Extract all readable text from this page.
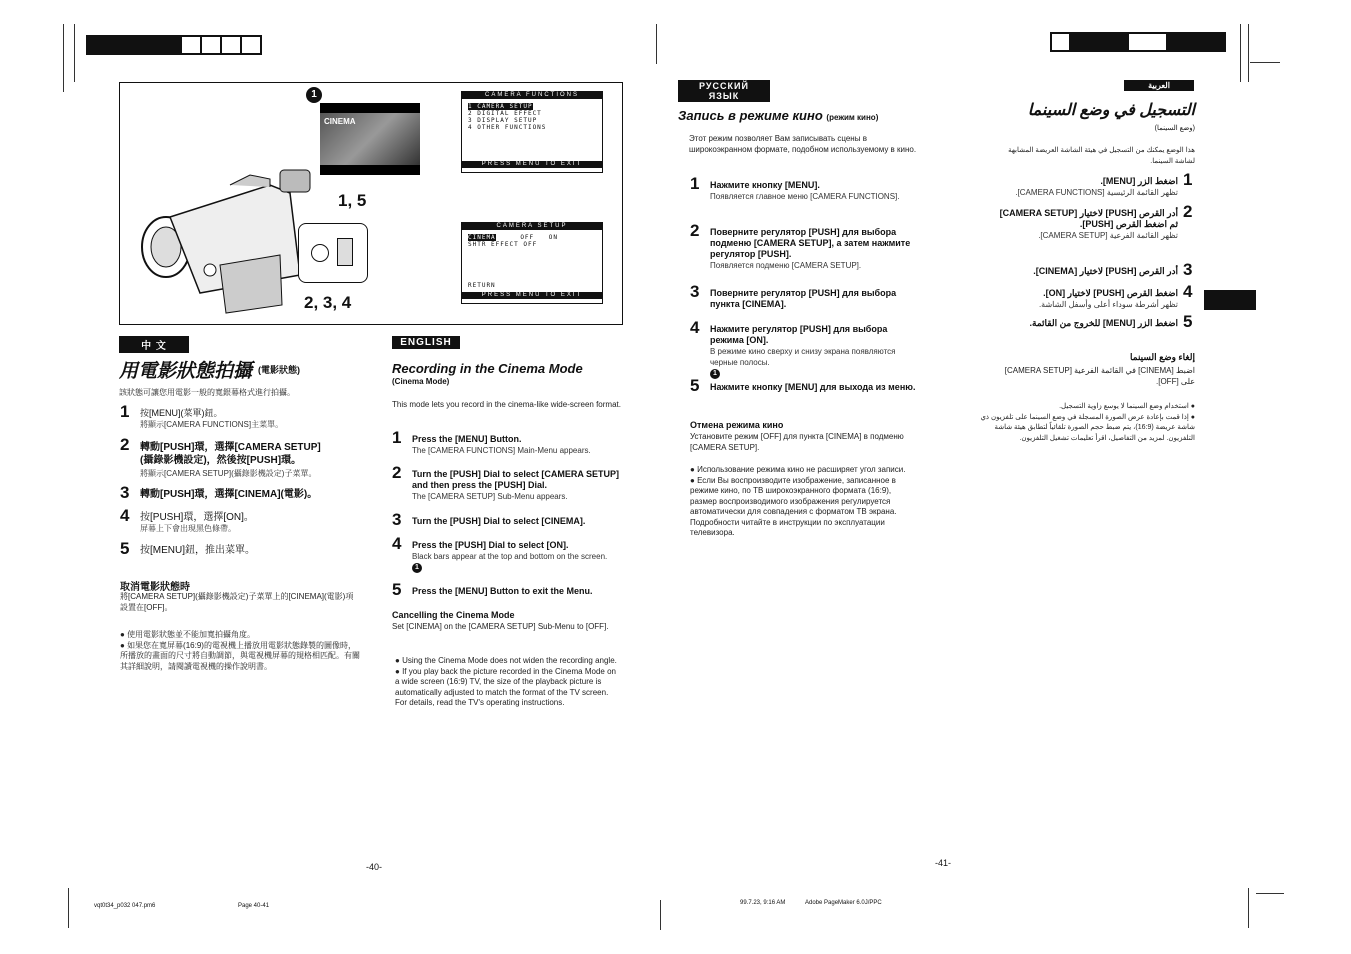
1
CINEMA
1, 5
2, 3, 4
CAMERA FUNCTIONS
1 CAMERA SETUP
2 DIGITAL EFFECT
3 DISPLAY SETUP
4 OTHER FUNCTIONS
PRESS MENU TO EXIT
CAMERA SETUP
CINEMA	OFF ON
SHTR EFFECT OFF
RETURN
PRESS MENU TO EXIT
中 文
用電影狀態拍攝 (電影狀態)
該狀態可讓您用電影一般的寬銀幕格式進行拍攝。
1 按[MENU](菜單)鈕。
將顯示[CAMERA FUNCTIONS]主菜單。
2 轉動[PUSH]環，選擇[CAMERA SETUP]
(攝錄影機設定)，然後按[PUSH]環。
將顯示[CAMERA SETUP](攝錄影機設定)子菜單。
3 轉動[PUSH]環，選擇[CINEMA](電影)。
4 按[PUSH]環，選擇[ON]。
屏幕上下會出現黑色條帶。
5 按[MENU]鈕，推出菜單。
取消電影狀態時
將[CAMERA SETUP](攝錄影機設定)子菜單上的[CINEMA](電影)項設置在[OFF]。
● 使用電影狀態並不能加寬拍攝角度。
● 如果您在寬屏幕(16:9)的電視機上播放用電影狀態錄製的圖像時，所播放的畫面的尺寸將自動調節，與電視機屏幕的規格相匹配。有關其詳細說明，請閱讀電視機的操作說明書。
ENGLISH
Recording in the Cinema Mode
(Cinema Mode)
This mode lets you record in the cinema-like wide-screen format.
1 Press the [MENU] Button.
The [CAMERA FUNCTIONS] Main-Menu appears.
2 Turn the [PUSH] Dial to select [CAMERA SETUP] and then press the [PUSH] Dial.
The [CAMERA SETUP] Sub-Menu appears.
3 Turn the [PUSH] Dial to select [CINEMA].
4 Press the [PUSH] Dial to select [ON].
Black bars appear at the top and bottom on the screen.
1
5 Press the [MENU] Button to exit the Menu.
Cancelling the Cinema Mode
Set [CINEMA] on the [CAMERA SETUP] Sub-Menu to [OFF].
● Using the Cinema Mode does not widen the recording angle.
● If you play back the picture recorded in the Cinema Mode on a wide screen (16:9) TV, the size of the playback picture is automatically adjusted to match the format of the TV screen. For details, read the TV's operating instructions.
РУССКИЙ ЯЗЫК
Запись в режиме кино (режим кино)
Этот режим позволяет Вам записывать сцены в широкоэкранном формате, подобном используемому в кино.
1 Нажмите кнопку [MENU].
Появляется главное меню [CAMERA FUNCTIONS].
2 Поверните регулятор [PUSH] для выбора подменю [CAMERA SETUP], а затем нажмите регулятор [PUSH].
Появляется подменю [CAMERA SETUP].
3 Поверните регулятор [PUSH] для выбора пункта [CINEMA].
4 Нажмите регулятор [PUSH] для выбора режима [ON].
В режиме кино сверху и снизу экрана появляются черные полосы.
1
5 Нажмите кнопку [MENU] для выхода из меню.
Отмена режима кино
Установите режим [OFF] для пункта [CINEMA] в подменю [CAMERA SETUP].
● Использование режима кино не расширяет угол записи.
● Если Вы воспроизводите изображение, записанное в режиме кино, по ТВ широкоэкранного формата (16:9), размер воспроизводимого изображения регулируется автоматически для совпадения с форматом ТВ экрана. Подробности читайте в инструкции по эксплуатации телевизора.
العربية
التسجيل في وضع السينما
(وضع السينما)
هذا الوضع يمكنك من التسجيل في هيئة الشاشة العريضة المشابهة لشاشة السينما.
1
اضغط الزر [MENU].
تظهر القائمة الرئيسية [CAMERA FUNCTIONS].
2
أدر القرص [PUSH] لاختيار [CAMERA SETUP] ثم اضغط القرص [PUSH].
تظهر القائمة الفرعية [CAMERA SETUP].
3
أدر القرص [PUSH] لاختيار [CINEMA].
4
اضغط القرص [PUSH] لاختيار [ON].
تظهر أشرطة سوداء أعلى وأسفل الشاشة.
5
اضغط الزر [MENU] للخروج من القائمة.
إلغاء وضع السينما
اضبط [CINEMA] في القائمة الفرعية [CAMERA SETUP] على [OFF].
● استخدام وضع السينما لا يوسع زاوية التسجيل.
● إذا قمت بإعادة عرض الصورة المسجلة في وضع السينما على تلفزيون ذي شاشة عريضة (16:9)، يتم ضبط حجم الصورة تلقائياً لتطابق هيئة شاشة التلفزيون. لمزيد من التفاصيل، اقرأ تعليمات تشغيل التلفزيون.
-40-	-41-
vqt0t34_p032 047.pm6	Page 40-41	99.7.23, 9:16 AM	Adobe PageMaker 6.0J/PPC
